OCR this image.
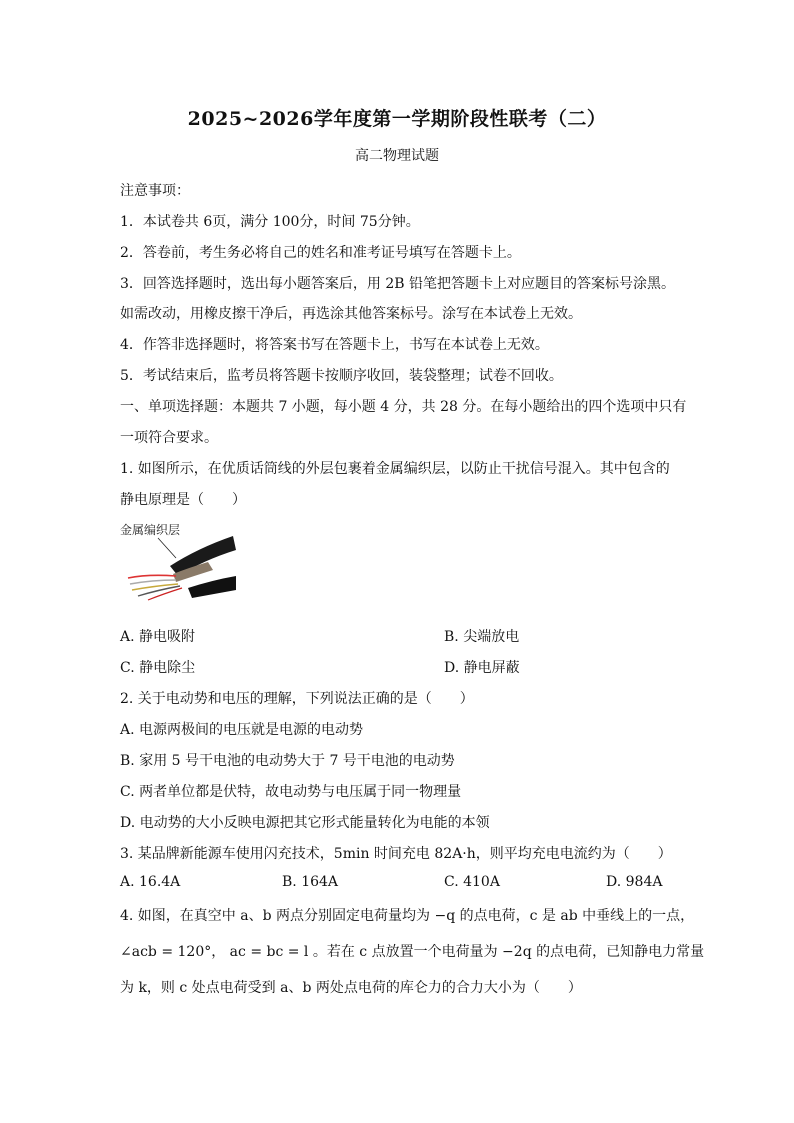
2025~2026学年度第一学期阶段性联考（二）
高二物理试题
注意事项：
1．本试卷共 6页，满分 100分，时间 75分钟。
2．答卷前，考生务必将自己的姓名和准考证号填写在答题卡上。
3．回答选择题时，选出每小题答案后，用 2B 铅笔把答题卡上对应题目的答案标号涂黑。
如需改动，用橡皮擦干净后，再选涂其他答案标号。涂写在本试卷上无效。
4．作答非选择题时，将答案书写在答题卡上，书写在本试卷上无效。
5．考试结束后，监考员将答题卡按顺序收回，装袋整理；试卷不回收。
一、单项选择题：本题共 7 小题，每小题 4 分，共 28 分。在每小题给出的四个选项中只有
一项符合要求。
1. 如图所示，在优质话筒线的外层包裹着金属编织层，以防止干扰信号混入。其中包含的
静电原理是（　　）
金属编织层
A. 静电吸附	B. 尖端放电
C. 静电除尘	D. 静电屏蔽
2. 关于电动势和电压的理解，下列说法正确的是（　　）
A. 电源两极间的电压就是电源的电动势
B. 家用 5 号干电池的电动势大于 7 号干电池的电动势
C. 两者单位都是伏特，故电动势与电压属于同一物理量
D. 电动势的大小反映电源把其它形式能量转化为电能的本领
3. 某品牌新能源车使用闪充技术，5min 时间充电 82A·h，则平均充电电流约为（　　）
A. 16.4A	B. 164A	C. 410A	D. 984A
4. 如图，在真空中 a、b 两点分别固定电荷量均为 −q 的点电荷，c 是 ab 中垂线上的一点，
∠acb = 120°， ac = bc = l 。若在 c 点放置一个电荷量为 −2q 的点电荷，已知静电力常量
为 k，则 c 处点电荷受到 a、b 两处点电荷的库仑力的合力大小为（　　）
